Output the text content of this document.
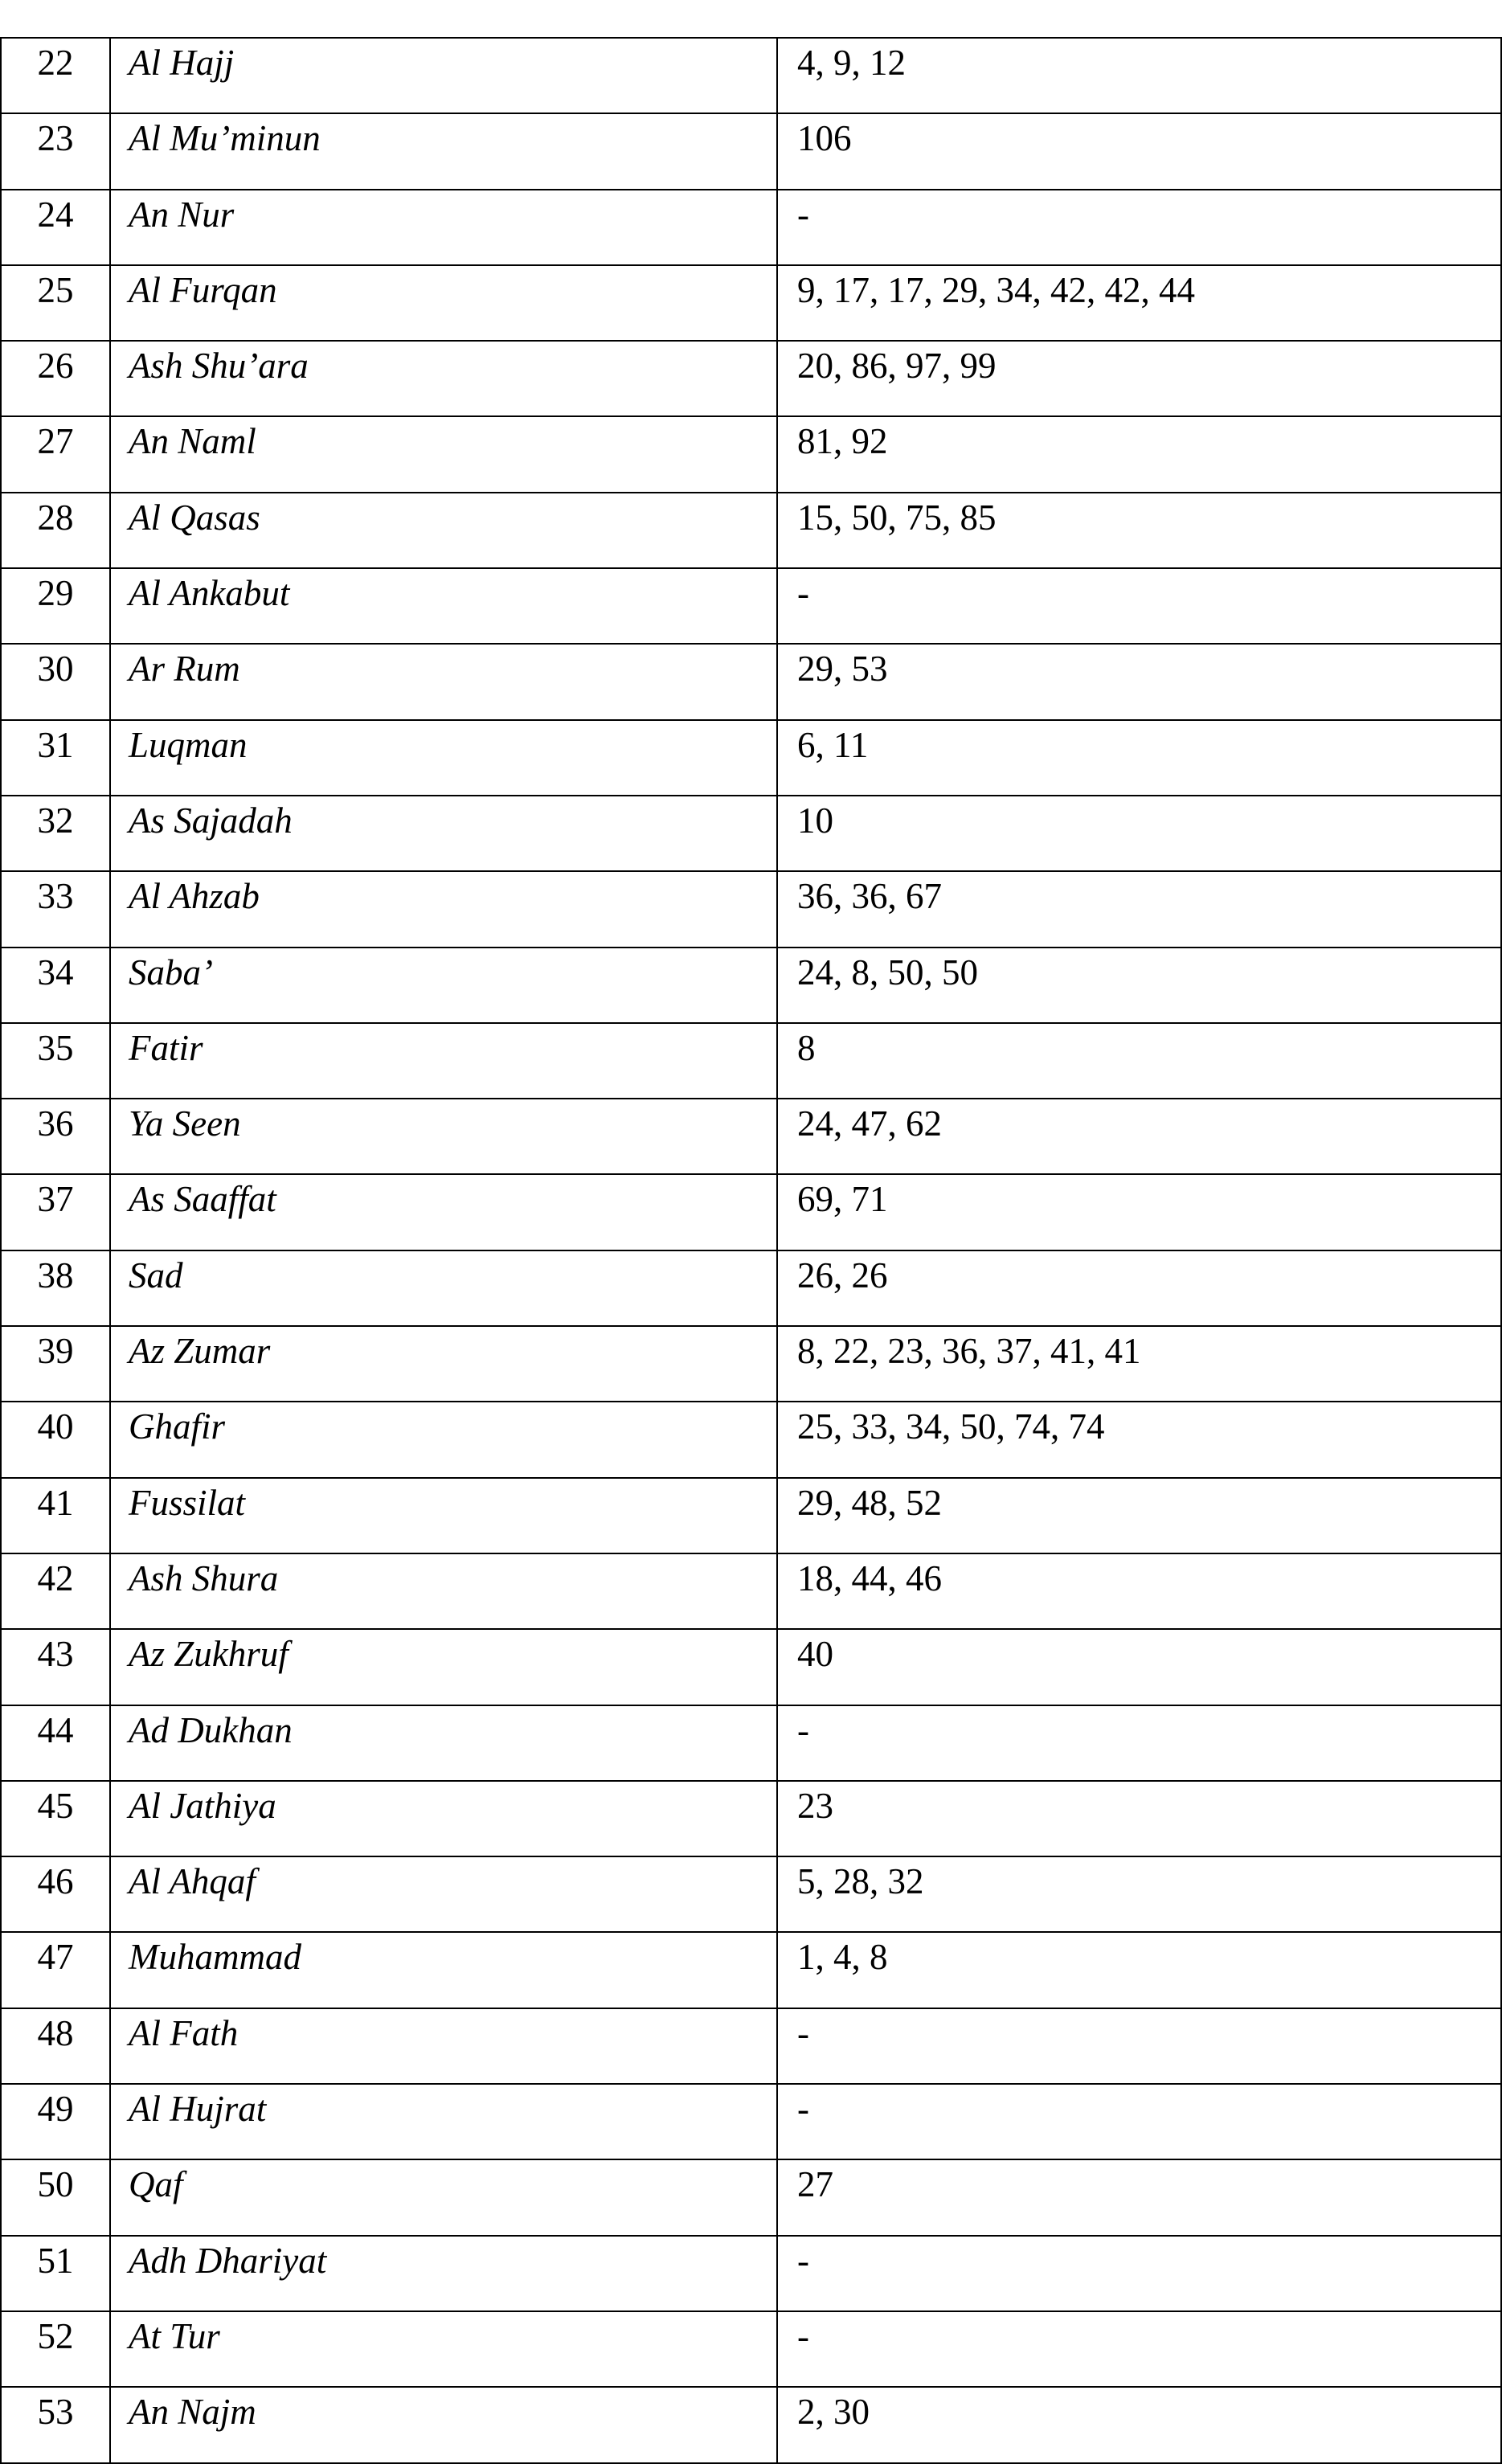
22	Al Hajj	4, 9, 12
23	Al Mu’minun	106
24	An Nur	-
25	Al Furqan	9, 17, 17, 29, 34, 42, 42, 44
26	Ash Shu’ara	20, 86, 97, 99
27	An Naml	81, 92
28	Al Qasas	15, 50, 75, 85
29	Al Ankabut	-
30	Ar Rum	29, 53
31	Luqman	6, 11
32	As Sajadah	10
33	Al Ahzab	36, 36, 67
34	Saba’	24, 8, 50, 50
35	Fatir	8
36	Ya Seen	24, 47, 62
37	As Saaffat	69, 71
38	Sad	26, 26
39	Az Zumar	8, 22, 23, 36, 37, 41, 41
40	Ghafir	25, 33, 34, 50, 74, 74
41	Fussilat	29, 48, 52
42	Ash Shura	18, 44, 46
43	Az Zukhruf	40
44	Ad Dukhan	-
45	Al Jathiya	23
46	Al Ahqaf	5, 28, 32
47	Muhammad	1, 4, 8
48	Al Fath	-
49	Al Hujrat	-
50	Qaf	27
51	Adh Dhariyat	-
52	At Tur	-
53	An Najm	2, 30
